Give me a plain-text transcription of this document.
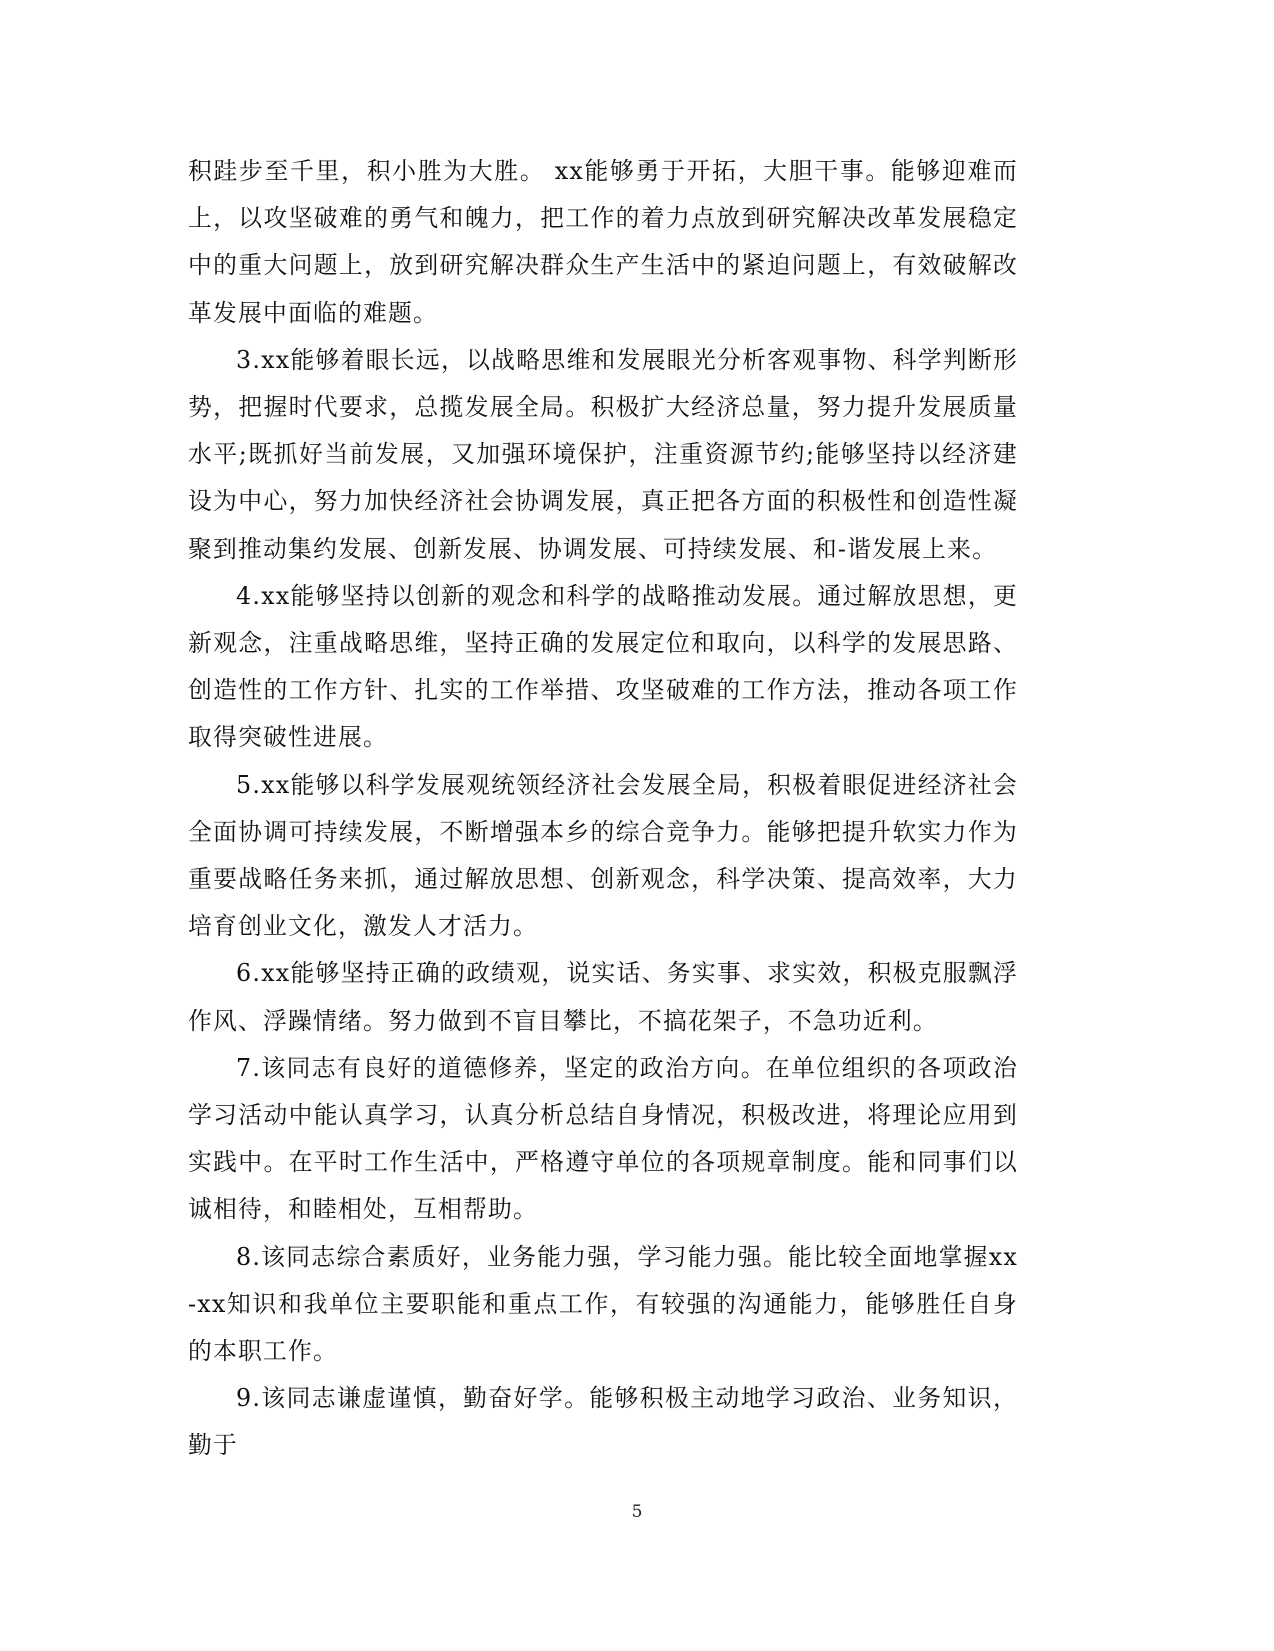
积跬步至千里，积小胜为大胜。 xx能够勇于开拓，大胆干事。能够迎难而上，以攻坚破难的勇气和魄力，把工作的着力点放到研究解决改革发展稳定中的重大问题上，放到研究解决群众生产生活中的紧迫问题上，有效破解改革发展中面临的难题。

3.xx能够着眼长远，以战略思维和发展眼光分析客观事物、科学判断形势，把握时代要求，总揽发展全局。积极扩大经济总量，努力提升发展质量水平;既抓好当前发展，又加强环境保护，注重资源节约;能够坚持以经济建设为中心，努力加快经济社会协调发展，真正把各方面的积极性和创造性凝聚到推动集约发展、创新发展、协调发展、可持续发展、和-谐发展上来。

4.xx能够坚持以创新的观念和科学的战略推动发展。通过解放思想，更新观念，注重战略思维，坚持正确的发展定位和取向，以科学的发展思路、创造性的工作方针、扎实的工作举措、攻坚破难的工作方法，推动各项工作取得突破性进展。

5.xx能够以科学发展观统领经济社会发展全局，积极着眼促进经济社会全面协调可持续发展，不断增强本乡的综合竞争力。能够把提升软实力作为重要战略任务来抓，通过解放思想、创新观念，科学决策、提高效率，大力培育创业文化，激发人才活力。

6.xx能够坚持正确的政绩观，说实话、务实事、求实效，积极克服飘浮作风、浮躁情绪。努力做到不盲目攀比，不搞花架子，不急功近利。

7.该同志有良好的道德修养，坚定的政治方向。在单位组织的各项政治学习活动中能认真学习，认真分析总结自身情况，积极改进，将理论应用到实践中。在平时工作生活中，严格遵守单位的各项规章制度。能和同事们以诚相待，和睦相处，互相帮助。

8.该同志综合素质好，业务能力强，学习能力强。能比较全面地掌握xx-xx知识和我单位主要职能和重点工作，有较强的沟通能力，能够胜任自身的本职工作。

9.该同志谦虚谨慎，勤奋好学。能够积极主动地学习政治、业务知识，勤于

5
